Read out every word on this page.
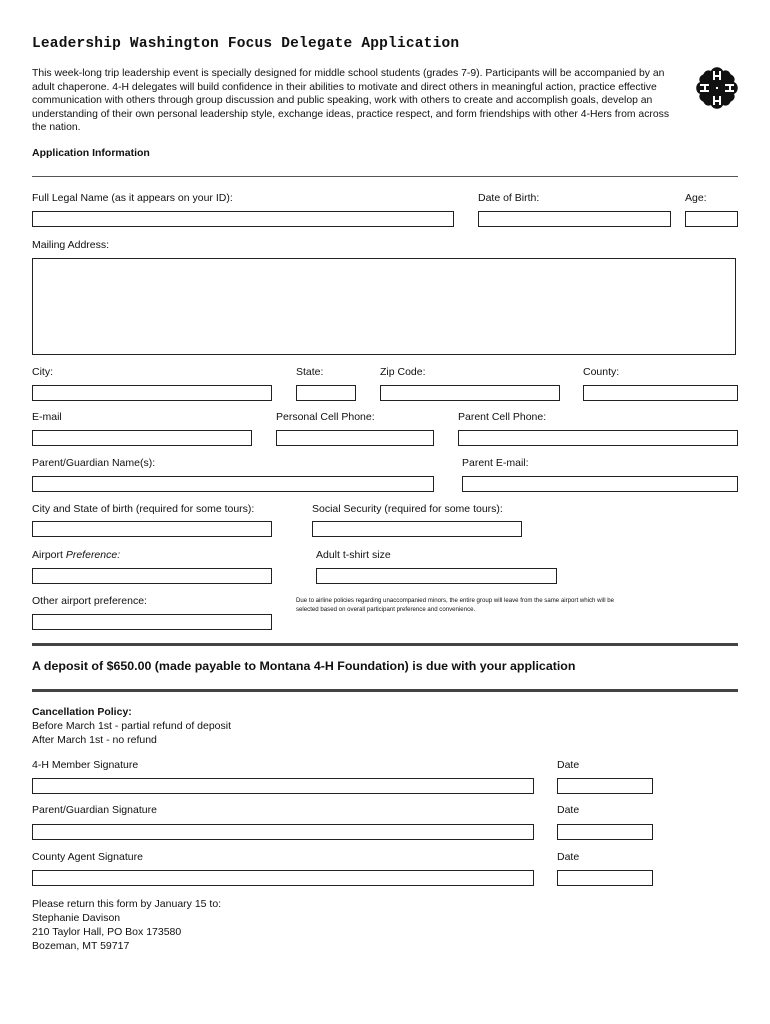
Leadership Washington Focus Delegate Application
This week-long trip leadership event is specially designed for middle school students (grades 7-9). Participants will be accompanied by an adult chaperone. 4-H delegates will build confidence in their abilities to motivate and direct others in meaningful action, practice effective communication with others through group discussion and public speaking, work with others to create and accomplish goals, develop an understanding of their own personal leadership style, exchange ideas, practice respect, and form friendships with other 4-Hers from across the nation.
Application Information
Full Legal Name (as it appears on your ID):	Date of Birth:	Age:
Mailing Address:
City:	State:	Zip Code:	County:
E-mail	Personal Cell Phone:	Parent Cell Phone:
Parent/Guardian Name(s):	Parent E-mail:
City and State of birth (required for some tours):	Social Security (required for some tours):
Airport Preference:	Adult t-shirt size
Other airport preference:	Due to airline policies regarding unaccompanied minors, the entire group will leave from the same airport which will be selected based on overall participant preference and convenience.
A deposit of $650.00 (made payable to Montana 4-H Foundation) is due with your application
Cancellation Policy:
Before March 1st - partial refund of deposit
After March 1st - no refund
4-H Member Signature	Date
Parent/Guardian Signature	Date
County Agent Signature	Date
Please return this form by January 15 to:
Stephanie Davison
210 Taylor Hall, PO Box 173580
Bozeman, MT 59717
